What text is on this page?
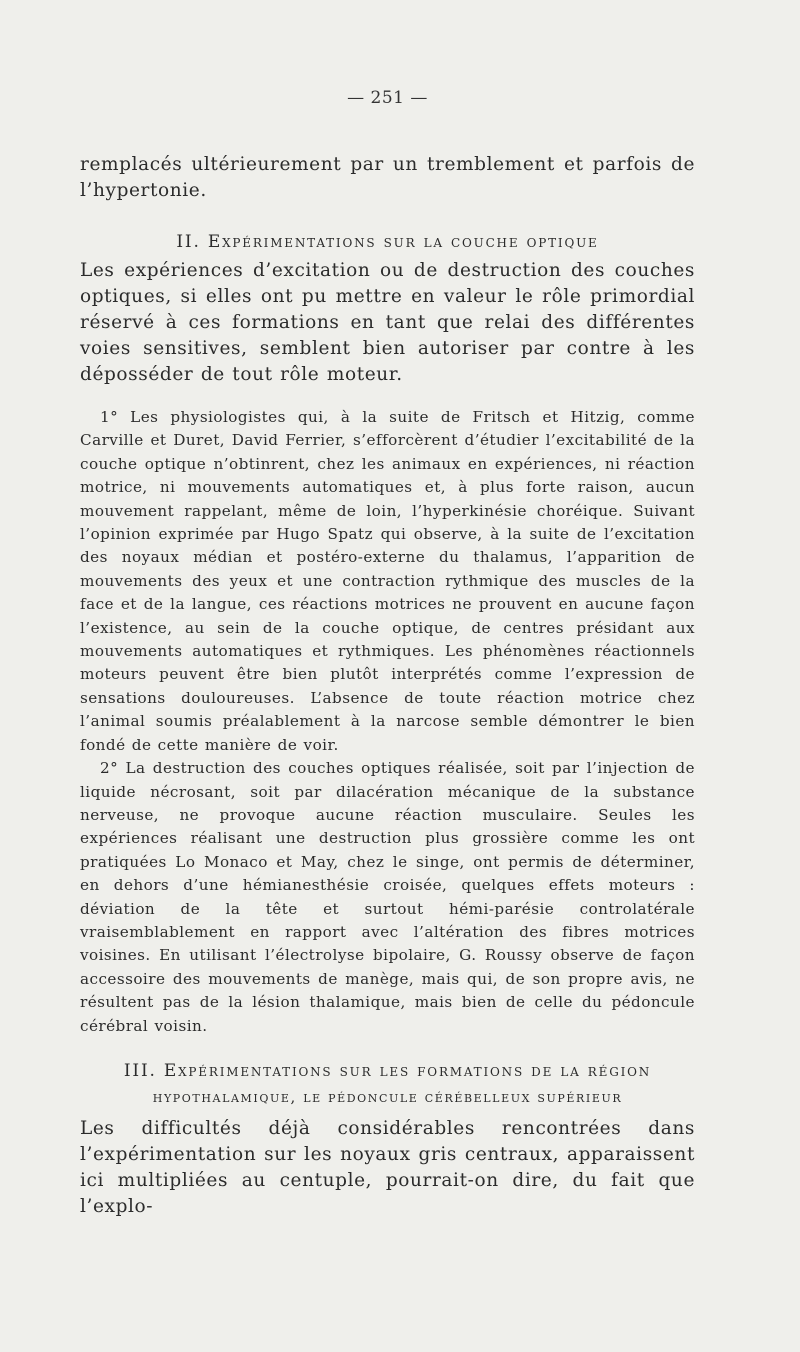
— 251 —

remplacés ultérieurement par un tremblement et parfois de l’hypertonie.

II. Expérimentations sur la couche optique

Les expériences d’excitation ou de destruction des couches optiques, si elles ont pu mettre en valeur le rôle primordial réservé à ces formations en tant que relai des différentes voies sensitives, semblent bien autoriser par contre à les déposséder de tout rôle moteur.

1° Les physiologistes qui, à la suite de Fritsch et Hitzig, comme Carville et Duret, David Ferrier, s’efforcèrent d’étudier l’excitabilité de la couche optique n’obtinrent, chez les animaux en expériences, ni réaction motrice, ni mouvements automatiques et, à plus forte raison, aucun mouvement rappelant, même de loin, l’hyperkinésie choréique. Suivant l’opinion exprimée par Hugo Spatz qui observe, à la suite de l’excitation des noyaux médian et postéro-externe du thalamus, l’apparition de mouvements des yeux et une contraction rythmique des muscles de la face et de la langue, ces réactions motrices ne prouvent en aucune façon l’existence, au sein de la couche optique, de centres présidant aux mouvements automatiques et rythmiques. Les phénomènes réactionnels moteurs peuvent être bien plutôt interprétés comme l’expression de sensations douloureuses. L’absence de toute réaction motrice chez l’animal soumis préalablement à la narcose semble démontrer le bien fondé de cette manière de voir.

2° La destruction des couches optiques réalisée, soit par l’injection de liquide nécrosant, soit par dilacération mécanique de la substance nerveuse, ne provoque aucune réaction musculaire. Seules les expériences réalisant une destruction plus grossière comme les ont pratiquées Lo Monaco et May, chez le singe, ont permis de déterminer, en dehors d’une hémianesthésie croisée, quelques effets moteurs : déviation de la tête et surtout hémi-parésie controlatérale vraisemblablement en rapport avec l’altération des fibres motrices voisines. En utilisant l’électrolyse bipolaire, G. Roussy observe de façon accessoire des mouvements de manège, mais qui, de son propre avis, ne résultent pas de la lésion thalamique, mais bien de celle du pédoncule cérébral voisin.

III. Expérimentations sur les formations de la région
hypothalamique, le pédoncule cérébelleux supérieur

Les difficultés déjà considérables rencontrées dans l’expérimentation sur les noyaux gris centraux, apparaissent ici multipliées au centuple, pourrait-on dire, du fait que l’explo-
